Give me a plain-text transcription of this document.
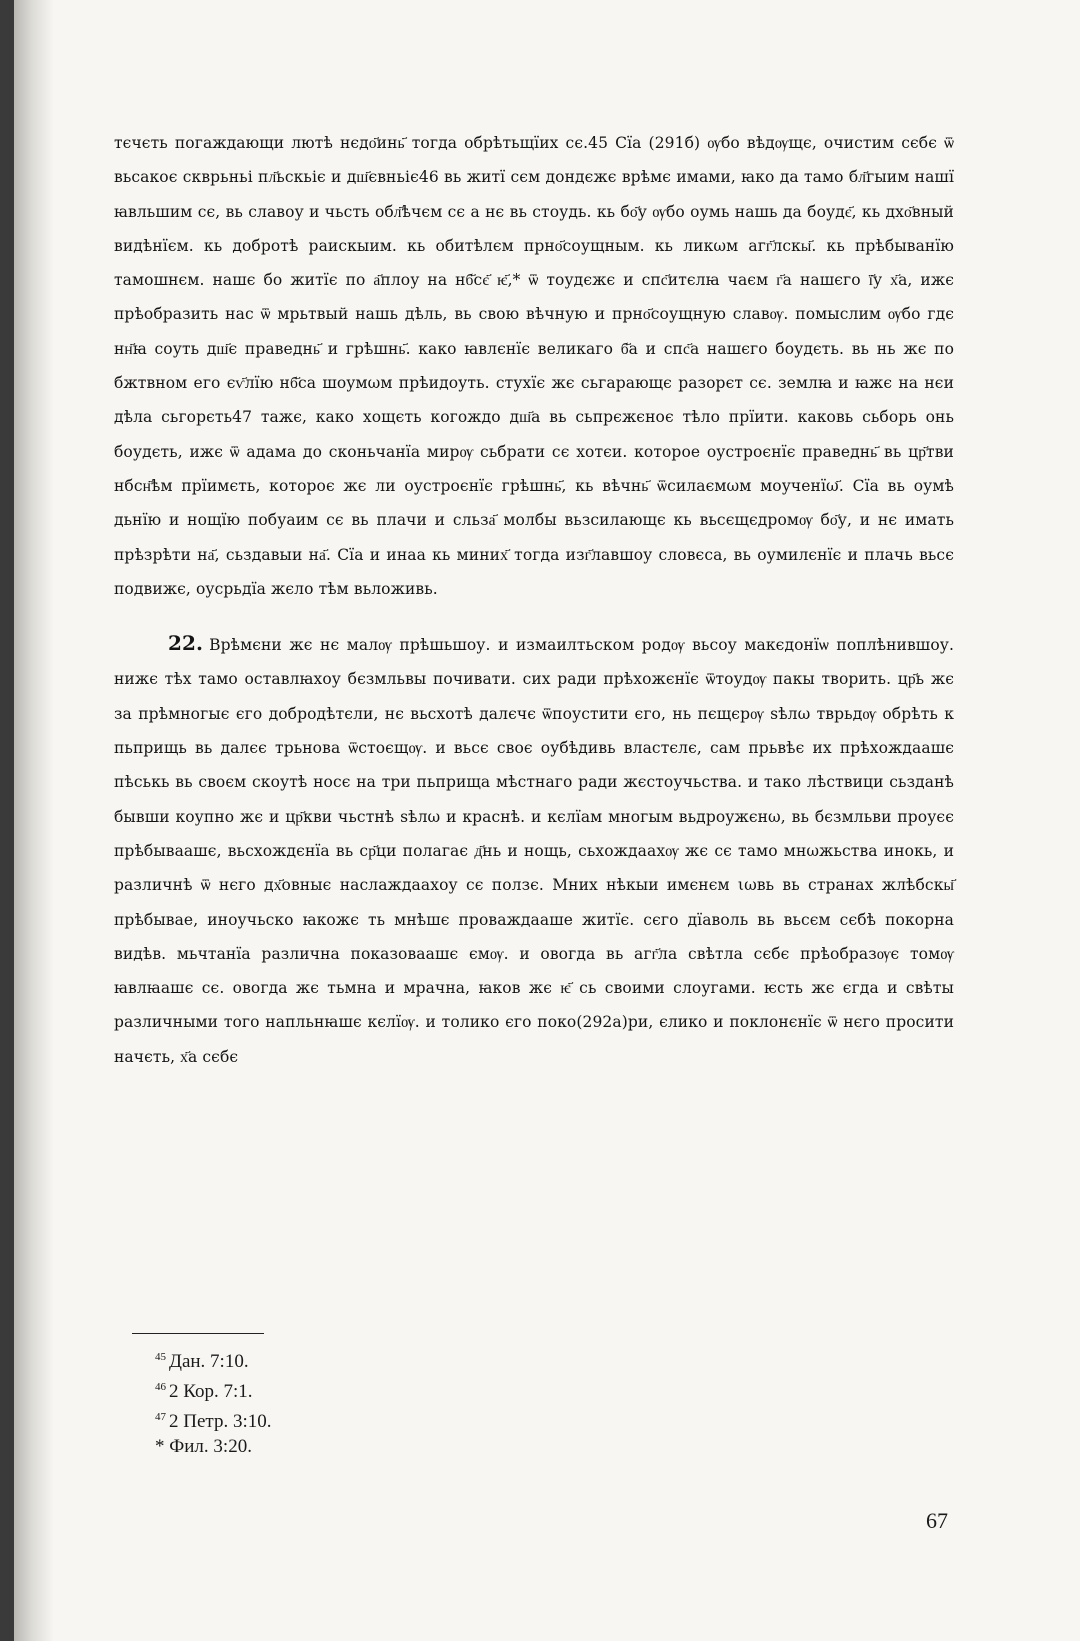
тєчєть погаждающи лютѣ нєдо҃инь҃ тогда обрѣтьщїих сє.45 Сїа (291б) ѹбо вѣдѹщє, очистим сєбє ѿ вьсакоє скврьньі пл҃ьскьіє и дш҃євньіє46 вь житї сєм дондєжє врѣмє имами, ꙗко да тамо бл҃гыим нашї ꙗвльшим сє, вь славоу и чьсть обл҃ѣчєм сє а нє вь стоудь. кь бо҃у ѹбо оумь нашь да боудє҃, кь дхо҃вный видѣнїєм. кь добротѣ раискыим. кь обитѣлєм прно҃соущным. кь ликωм агг҃лскы҃. кь прѣбыванїю тамошнєм. нашє бо житїє по а҃плоу на нб҃сє҃ ѥ҃,* ѿ тоудєжє и спс҃итєлꙗ чаєм г҃а нашєго ї҃у х҃а, ижє прѣобразить нас ѿ мрьтвый нашь дѣль, вь свою вѣчную и прно҃соущную славѹ. помыслим ѹбо гдє нн҃ꙗ соуть дш҃є праведнь҃ и грѣшнь҃. како ꙗвлєнїє великаго б҃а и спс҃а нашєго боудєть. вь нь жє по бжтвном его єѵ҃лїю нб҃са шоумωм прѣидоуть. стухїє жє сьгарающє разорєт сє. землꙗ и ꙗжє на нєи дѣла сьгорєть47 тажє, како хощєть когождо дш҃а вь сьпрєжєноє тѣло прїити. каковь сьборь онь боудєть, ижє ѿ адама до сконьчанїа мирѹ сьбрати сє хотєи. которое оустроєнїє праведнь҃ вь цр҃тви нбсн҃ѣм прїимєть, котороє жє ли оустроєнїє грѣшнь҃, кь вѣчнь҃ ѿсилаємωм моученїω҃. Сїа вь оумѣ дьнїю и нощїю побуаим сє вь плачи и сльза҃ молбы вьзсилающє кь вьсєщєдромѹ бо҃у, и нє имать прѣзрѣти на҃, сьздавыи на҃. Сїа и инаа кь миних҃ тогда изг҃лавшоу словєса, вь оумилєнїє и плачь вьсє подвижє, оусрьдїа жєло тѣм вьложивь.

22. Врѣмєни жє нє малѹ прѣшьшоу. и измаилтьском родѹ вьсоу макєдонїѡ поплѣнившоу. нижє тѣх тамо оставлꙗхоу бєзмльвы почивати. сих ради прѣхожєнїє ѿтоудѹ пакы творить. цр҃ь жє за прѣмногыє єго добродѣтєли, нє вьсхотѣ далєчє ѿпоустити єго, нь пєщєрѹ ѕѣлω тврьдѹ обрѣть к пьприщь вь далєє трьнова ѿстоєщѹ. и вьсє своє оубѣдивь властєлє, сам прьвѣє их прѣхождаашє пѣськь вь своєм скоутѣ носє на три пьприща мѣстнаго ради жєстоучьства. и тако лѣствици сьзданѣ бывши коупно жє и цр҃кви чьстнѣ ѕѣлω и краснѣ. и кєлїам многым вьдроужєнω, вь бєзмльви проуєє прѣбываашє, вьсхождєнїа вь ср҃ци полагає д҃нь и нощь, сьхождаахѹ жє сє тамо мнωжьства инокь, и различнѣ ѿ нєго дх҃овныє наслаждаахоу сє ползє. Мних нѣкыи имєнєм ιωвь вь странах жлѣбскы҃ прѣбывае, иноучьско ꙗкожє ть мнѣшє проваждааше житїє. сєго дїаволь вь вьсєм сєбѣ покорна видѣв. мьчтанїа различна показоваашє ємѹ. и овогда вь агг҃ла свѣтла сєбє прѣобразѹє томѹ ꙗвлꙗашє сє. овогда жє тьмна и мрачна, ꙗков жє ѥ҃ сь своими слоугами. ѥсть жє єгда и свѣты различными того напльнꙗшє кєлїѹ. и толико єго поко(292а)ри, єлико и поклонєнїє ѿ нєго просити начєть, х҃а сєбє

$^{45}$ Дан. 7:10.
$^{46}$ 2 Кор. 7:1.
$^{47}$ 2 Петр. 3:10.
* Фил. 3:20.
67
